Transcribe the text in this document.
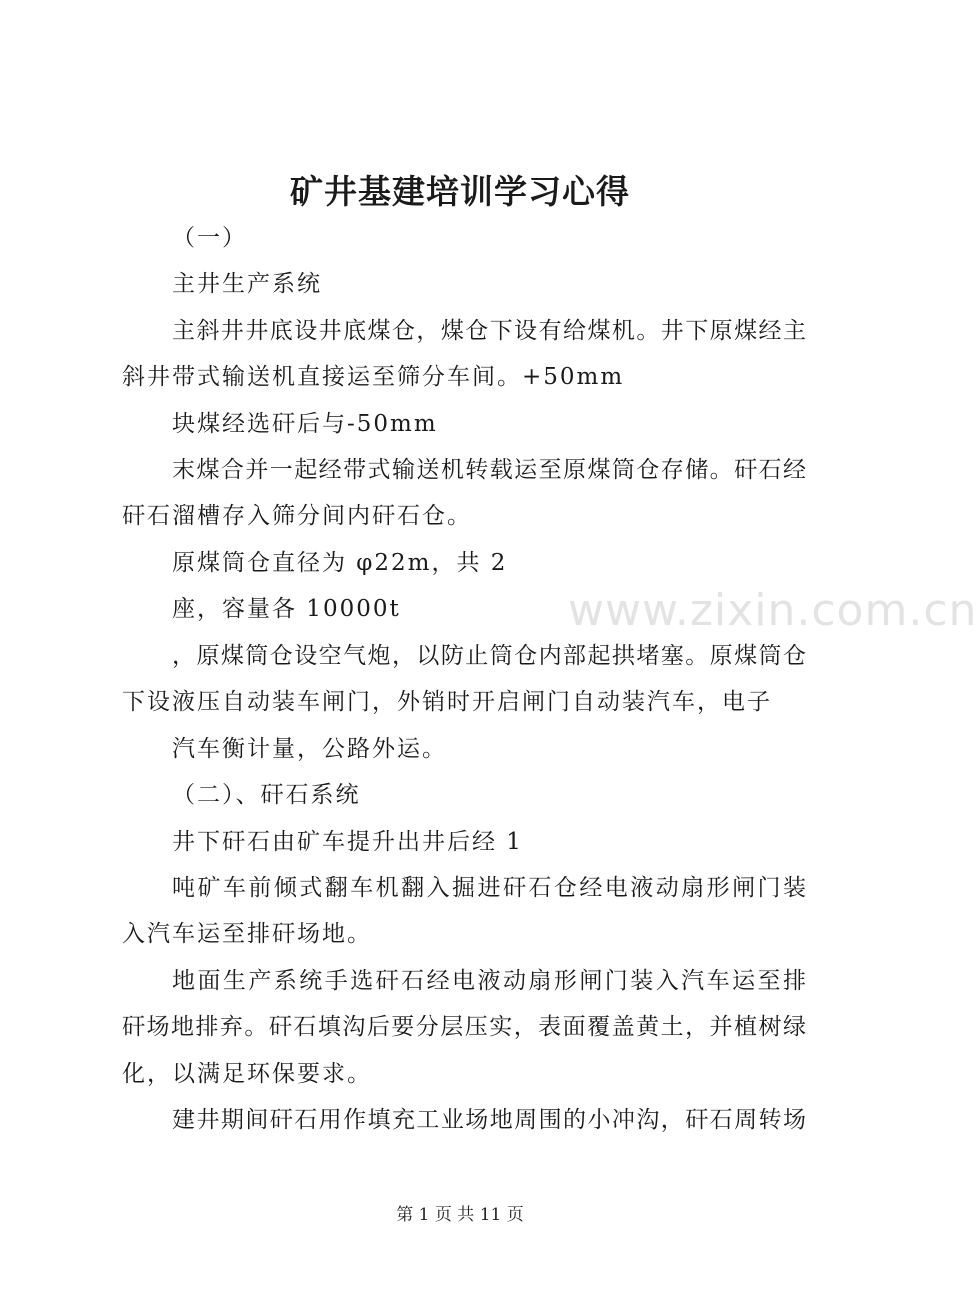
矿井基建培训学习心得
（一）
主井生产系统
主斜井井底设井底煤仓，煤仓下设有给煤机。井下原煤经主
斜井带式输送机直接运至筛分车间。+50mm
块煤经选矸后与-50mm
末煤合并一起经带式输送机转载运至原煤筒仓存储。矸石经
矸石溜槽存入筛分间内矸石仓。
原煤筒仓直径为 φ22m，共 2
座，容量各 10000t
，原煤筒仓设空气炮，以防止筒仓内部起拱堵塞。原煤筒仓
下设液压自动装车闸门，外销时开启闸门自动装汽车，电子
汽车衡计量，公路外运。
（二）、矸石系统
井下矸石由矿车提升出井后经 1
吨矿车前倾式翻车机翻入掘进矸石仓经电液动扇形闸门装
入汽车运至排矸场地。
地面生产系统手选矸石经电液动扇形闸门装入汽车运至排
矸场地排弃。矸石填沟后要分层压实，表面覆盖黄土，并植树绿
化，以满足环保要求。
建井期间矸石用作填充工业场地周围的小冲沟，矸石周转场
www.zixin.com.cn
第 1 页 共 11 页
